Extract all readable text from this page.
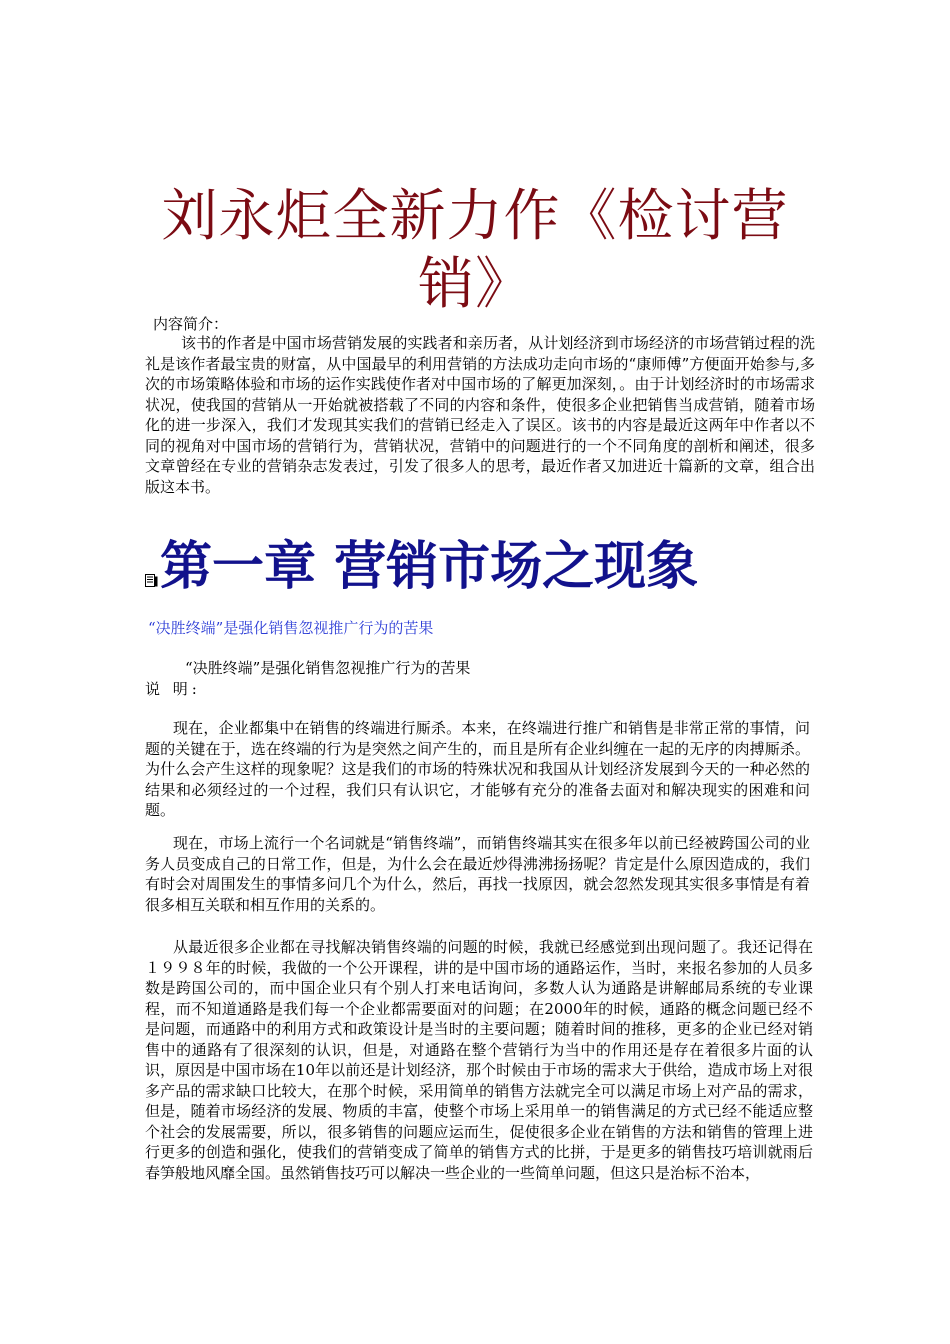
刘永炬全新力作《检讨营销》
内容简介：

该书的作者是中国市场营销发展的实践者和亲历者，从计划经济到市场经济的市场营销过程的洗礼是该作者最宝贵的财富，从中国最早的利用营销的方法成功走向市场的“康师傅”方便面开始参与,多次的市场策略体验和市场的运作实践使作者对中国市场的了解更加深刻，。由于计划经济时的市场需求状况，使我国的营销从一开始就被搭载了不同的内容和条件，使很多企业把销售当成营销，随着市场化的进一步深入，我们才发现其实我们的营销已经走入了误区。该书的内容是最近这两年中作者以不同的视角对中国市场的营销行为，营销状况，营销中的问题进行的一个不同角度的剖析和阐述，很多文章曾经在专业的营销杂志发表过，引发了很多人的思考，最近作者又加进近十篇新的文章，组合出版这本书。

第一章 营销市场之现象
“决胜终端”是强化销售忽视推广行为的苦果
“决胜终端”是强化销售忽视推广行为的苦果
说 明:

现在，企业都集中在销售的终端进行厮杀。本来，在终端进行推广和销售是非常正常的事情，问题的关键在于，选在终端的行为是突然之间产生的，而且是所有企业纠缠在一起的无序的肉搏厮杀。为什么会产生这样的现象呢？这是我们的市场的特殊状况和我国从计划经济发展到今天的一种必然的结果和必须经过的一个过程，我们只有认识它，才能够有充分的准备去面对和解决现实的困难和问题。

现在，市场上流行一个名词就是“销售终端”，而销售终端其实在很多年以前已经被跨国公司的业务人员变成自己的日常工作，但是，为什么会在最近炒得沸沸扬扬呢？肯定是什么原因造成的，我们有时会对周围发生的事情多问几个为什么，然后，再找一找原因，就会忽然发现其实很多事情是有着很多相互关联和相互作用的关系的。

从最近很多企业都在寻找解决销售终端的问题的时候，我就已经感觉到出现问题了。我还记得在１９９８年的时候，我做的一个公开课程，讲的是中国市场的通路运作，当时，来报名参加的人员多数是跨国公司的，而中国企业只有个别人打来电话询问，多数人认为通路是讲解邮局系统的专业课程，而不知道通路是我们每一个企业都需要面对的问题；在2000年的时候，通路的概念问题已经不是问题，而通路中的利用方式和政策设计是当时的主要问题；随着时间的推移，更多的企业已经对销售中的通路有了很深刻的认识，但是，对通路在整个营销行为当中的作用还是存在着很多片面的认识，原因是中国市场在10年以前还是计划经济，那个时候由于市场的需求大于供给，造成市场上对很多产品的需求缺口比较大，在那个时候，采用简单的销售方法就完全可以满足市场上对产品的需求，但是，随着市场经济的发展、物质的丰富，使整个市场上采用单一的销售满足的方式已经不能适应整个社会的发展需要，所以，很多销售的问题应运而生，促使很多企业在销售的方法和销售的管理上进行更多的创造和强化，使我们的营销变成了简单的销售方式的比拼，于是更多的销售技巧培训就雨后春笋般地风靡全国。虽然销售技巧可以解决一些企业的一些简单问题，但这只是治标不治本，
